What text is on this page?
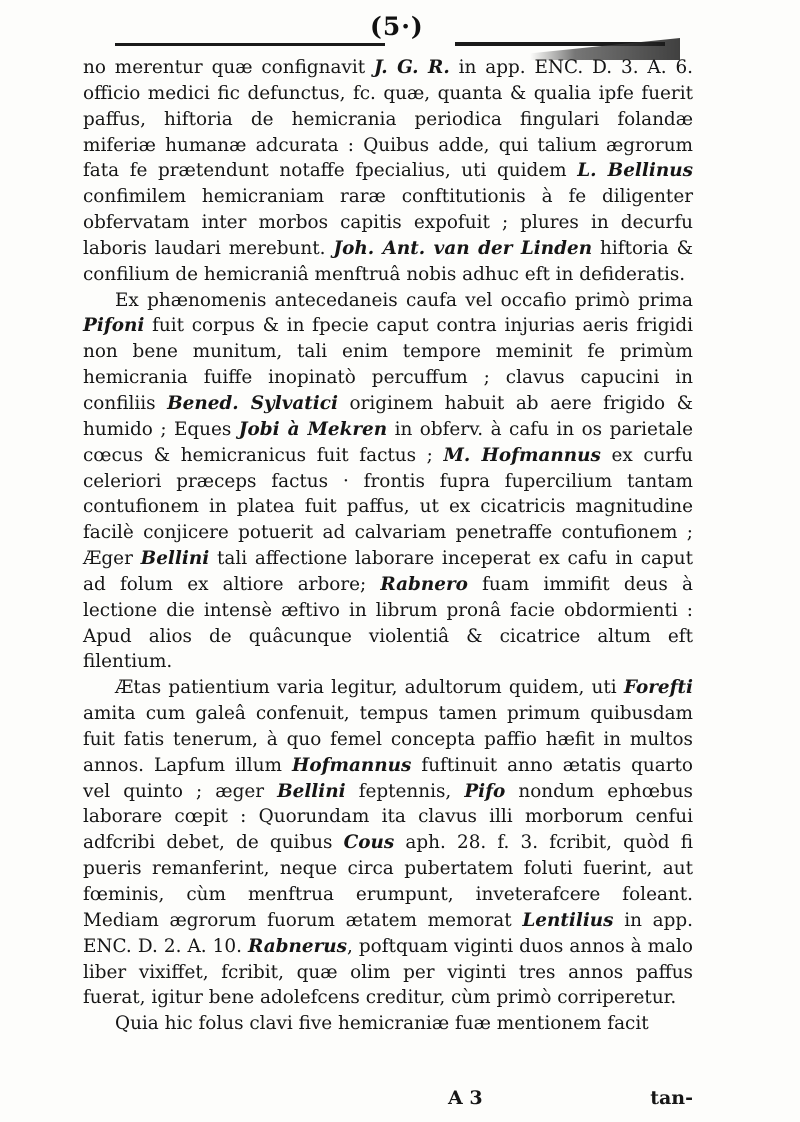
(5·)

no merentur quæ confignavit J. G. R. in app. ENC. D. 3. A. 6. officio medici fic defunctus, fc. quæ, quanta & qualia ipfe fuerit paffus, hiftoria de hemicrania periodica fingulari folandæ miferiæ humanæ adcurata : Quibus adde, qui talium ægrorum fata fe prætendunt notaffe fpecialius, uti quidem L. Bellinus confimilem hemicraniam raræ conftitutionis à fe diligenter obfervatam inter morbos capitis expofuit ; plures in decurfu laboris laudari merebunt. Joh. Ant. van der Linden hiftoria & confilium de hemicraniâ menftruâ nobis adhuc eft in defideratis.

Ex phænomenis antecedaneis caufa vel occafio primò prima Pifoni fuit corpus & in fpecie caput contra injurias aeris frigidi non bene munitum, tali enim tempore meminit fe primùm hemicrania fuiffe inopinatò percuffum ; clavus capucini in confiliis Bened. Sylvatici originem habuit ab aere frigido & humido ; Eques Jobi à Mekren in obferv. à cafu in os parietale cœcus & hemicranicus fuit factus ; M. Hofmannus ex curfu celeriori præceps factus · frontis fupra fupercilium tantam contufionem in platea fuit paffus, ut ex cicatricis magnitudine facilè conjicere potuerit ad calvariam penetraffe contufionem ; Æger Bellini tali affectione laborare inceperat ex cafu in caput ad folum ex altiore arbore; Rabnero fuam immifit deus à lectione die intensè æftivo in librum pronâ facie obdormienti : Apud alios de quâcunque violentiâ & cicatrice altum eft filentium.

Ætas patientium varia legitur, adultorum quidem, uti Forefti amita cum galeâ confenuit, tempus tamen primum quibusdam fuit fatis tenerum, à quo femel concepta paffio hæfit in multos annos. Lapfum illum Hofmannus fuftinuit anno ætatis quarto vel quinto ; æger Bellini feptennis, Pifo nondum ephœbus laborare cœpit : Quorundam ita clavus illi morborum cenfui adfcribi debet, de quibus Cous aph. 28. f. 3. fcribit, quòd fi pueris remanferint, neque circa pubertatem foluti fuerint, aut fœminis, cùm menftrua erumpunt, inveterafcere foleant. Mediam ægrorum fuorum ætatem memorat Lentilius in app. ENC. D. 2. A. 10. Rabnerus, poftquam viginti duos annos à malo liber vixiffet, fcribit, quæ olim per viginti tres annos paffus fuerat, igitur bene adolefcens creditur, cùm primò corriperetur.

Quia hic folus clavi five hemicraniæ fuæ mentionem facit

A 3	tan-
